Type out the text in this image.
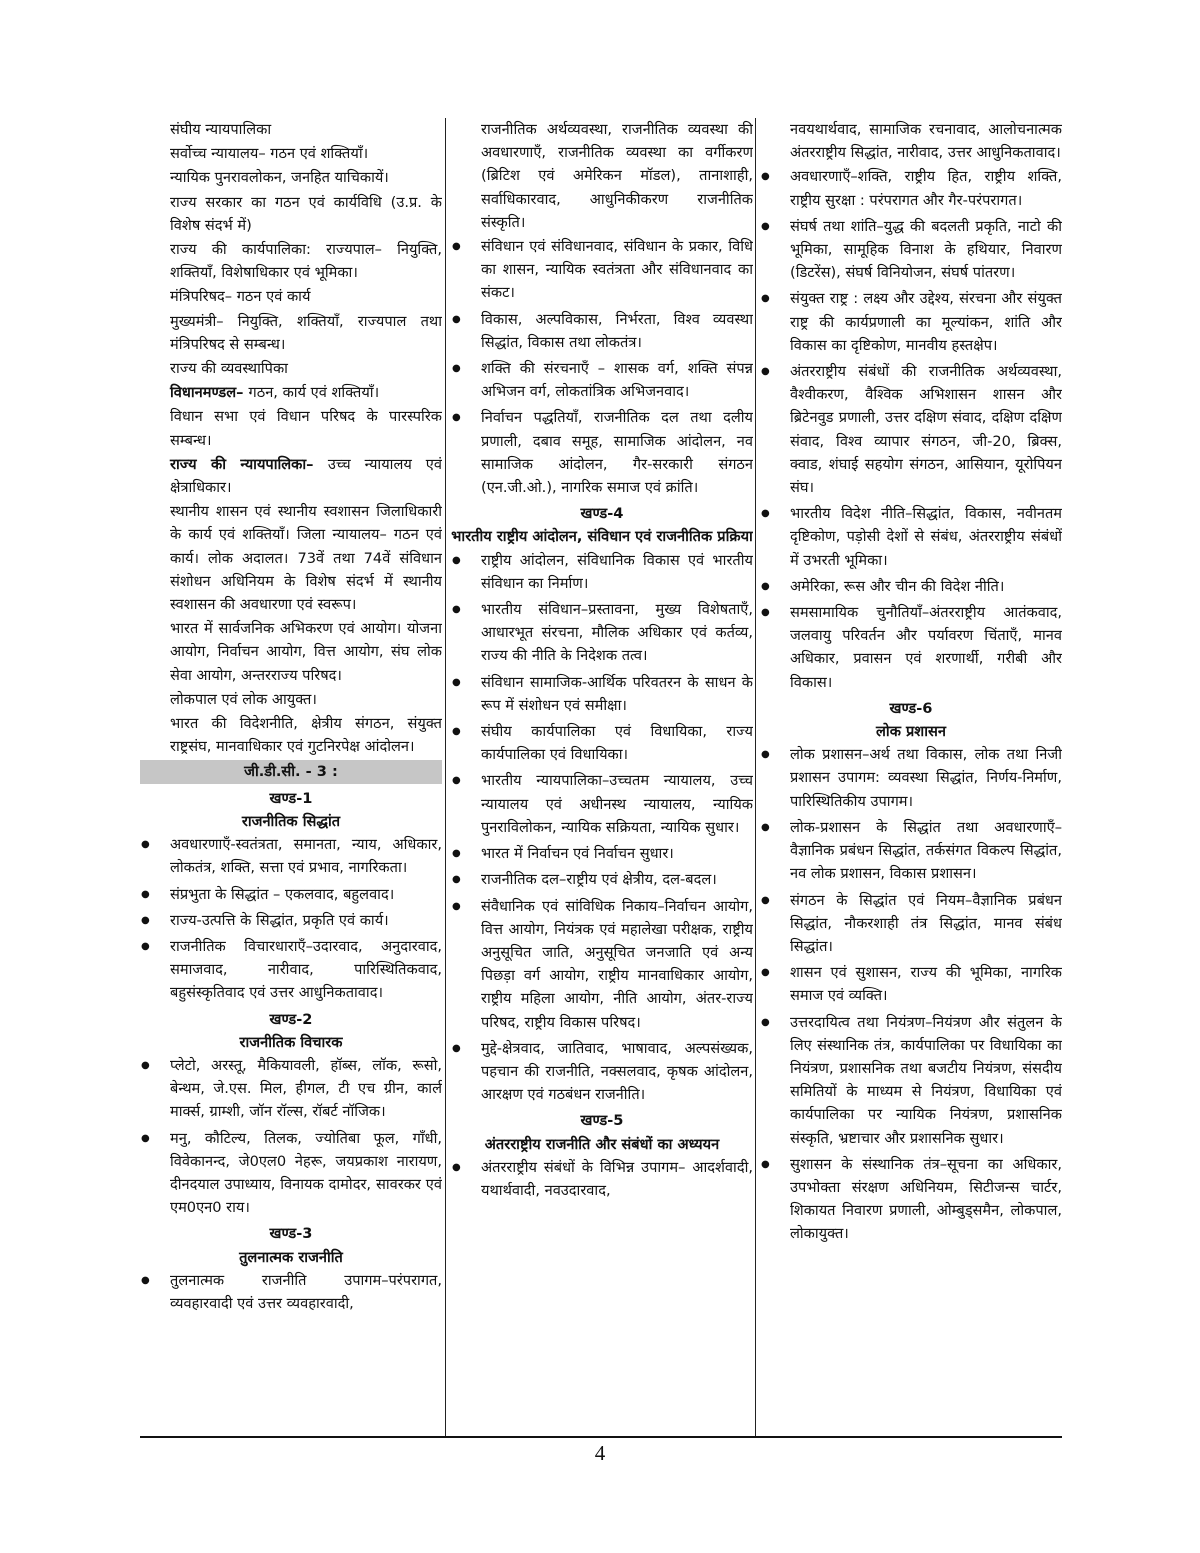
संघीय न्यायपालिका

सर्वोच्च न्यायालय– गठन एवं शक्तियाँ।

न्यायिक पुनरावलोकन, जनहित याचिकायें।

राज्य सरकार का गठन एवं कार्यविधि (उ.प्र. के विशेष संदर्भ में)

राज्य की कार्यपालिका: राज्यपाल– नियुक्ति, शक्तियाँ, विशेषाधिकार एवं भूमिका।

मंत्रिपरिषद– गठन एवं कार्य

मुख्यमंत्री– नियुक्ति, शक्तियाँ, राज्यपाल तथा मंत्रिपरिषद से सम्बन्ध।

राज्य की व्यवस्थापिका

विधानमण्डल– गठन, कार्य एवं शक्तियाँ।

विधान सभा एवं विधान परिषद के पारस्परिक सम्बन्ध।

राज्य की न्यायपालिका– उच्च न्यायालय एवं क्षेत्राधिकार।

स्थानीय शासन एवं स्थानीय स्वशासन जिलाधिकारी के कार्य एवं शक्तियाँ। जिला न्यायालय– गठन एवं कार्य। लोक अदालत। 73वें तथा 74वें संविधान संशोधन अधिनियम के विशेष संदर्भ में स्थानीय स्वशासन की अवधारणा एवं स्वरूप।

भारत में सार्वजनिक अभिकरण एवं आयोग। योजना आयोग, निर्वाचन आयोग, वित्त आयोग, संघ लोक सेवा आयोग, अन्तरराज्य परिषद।

लोकपाल एवं लोक आयुक्त।

भारत की विदेशनीति, क्षेत्रीय संगठन, संयुक्त राष्ट्रसंघ, मानवाधिकार एवं गुटनिरपेक्ष आंदोलन।

जी.डी.सी. - 3 :

खण्ड-1

राजनीतिक सिद्धांत

● अवधारणाएँ-स्वतंत्रता, समानता, न्याय, अधिकार, लोकतंत्र, शक्ति, सत्ता एवं प्रभाव, नागरिकता।

● संप्रभुता के सिद्धांत – एकलवाद, बहुलवाद।

● राज्य-उत्पत्ति के सिद्धांत, प्रकृति एवं कार्य।

● राजनीतिक विचारधाराएँ–उदारवाद, अनुदारवाद, समाजवाद, नारीवाद, पारिस्थितिकवाद, बहुसंस्कृतिवाद एवं उत्तर आधुनिकतावाद।

खण्ड-2

राजनीतिक विचारक

● प्लेटो, अरस्तू, मैकियावली, हॉब्स, लॉक, रूसो, बेन्थम, जे.एस. मिल, हीगल, टी एच ग्रीन, कार्ल मार्क्स, ग्राम्शी, जॉन रॉल्स, रॉबर्ट नॉजिक।

● मनु, कौटिल्य, तिलक, ज्योतिबा फूल, गाँधी, विवेकानन्द, जे0एल0 नेहरू, जयप्रकाश नारायण, दीनदयाल उपाध्याय, विनायक दामोदर, सावरकर एवं एम0एन0 राय।

खण्ड-3

तुलनात्मक राजनीति

● तुलनात्मक राजनीति उपागम–परंपरागत, व्यवहारवादी एवं उत्तर व्यवहारवादी,

राजनीतिक अर्थव्यवस्था, राजनीतिक व्यवस्था की अवधारणाएँ, राजनीतिक व्यवस्था का वर्गीकरण (ब्रिटिश एवं अमेरिकन मॉडल), तानाशाही, सर्वाधिकारवाद, आधुनिकीकरण राजनीतिक संस्कृति।

● संविधान एवं संविधानवाद, संविधान के प्रकार, विधि का शासन, न्यायिक स्वतंत्रता और संविधानवाद का संकट।

● विकास, अल्पविकास, निर्भरता, विश्व व्यवस्था सिद्धांत, विकास तथा लोकतंत्र।

● शक्ति की संरचनाएँ – शासक वर्ग, शक्ति संपन्न अभिजन वर्ग, लोकतांत्रिक अभिजनवाद।

● निर्वाचन पद्धतियाँ, राजनीतिक दल तथा दलीय प्रणाली, दबाव समूह, सामाजिक आंदोलन, नव सामाजिक आंदोलन, गैर-सरकारी संगठन (एन.जी.ओ.), नागरिक समाज एवं क्रांति।

खण्ड-4

भारतीय राष्ट्रीय आंदोलन, संविधान एवं राजनीतिक प्रक्रिया

● राष्ट्रीय आंदोलन, संविधानिक विकास एवं भारतीय संविधान का निर्माण।

● भारतीय संविधान–प्रस्तावना, मुख्य विशेषताएँ, आधारभूत संरचना, मौलिक अधिकार एवं कर्तव्य, राज्य की नीति के निदेशक तत्व।

● संविधान सामाजिक-आर्थिक परिवतरन के साधन के रूप में संशोधन एवं समीक्षा।

● संघीय कार्यपालिका एवं विधायिका, राज्य कार्यपालिका एवं विधायिका।

● भारतीय न्यायपालिका–उच्चतम न्यायालय, उच्च न्यायालय एवं अधीनस्थ न्यायालय, न्यायिक पुनराविलोकन, न्यायिक सक्रियता, न्यायिक सुधार।

● भारत में निर्वाचन एवं निर्वाचन सुधार।

● राजनीतिक दल–राष्ट्रीय एवं क्षेत्रीय, दल-बदल।

● संवैधानिक एवं सांविधिक निकाय–निर्वाचन आयोग, वित्त आयोग, नियंत्रक एवं महालेखा परीक्षक, राष्ट्रीय अनुसूचित जाति, अनुसूचित जनजाति एवं अन्य पिछड़ा वर्ग आयोग, राष्ट्रीय मानवाधिकार आयोग, राष्ट्रीय महिला आयोग, नीति आयोग, अंतर-राज्य परिषद, राष्ट्रीय विकास परिषद।

● मुद्दे-क्षेत्रवाद, जातिवाद, भाषावाद, अल्पसंख्यक, पहचान की राजनीति, नक्सलवाद, कृषक आंदोलन, आरक्षण एवं गठबंधन राजनीति।

खण्ड-5

अंतरराष्ट्रीय राजनीति और संबंधों का अध्ययन

● अंतरराष्ट्रीय संबंधों के विभिन्न उपागम– आदर्शवादी, यथार्थवादी, नवउदारवाद,

नवयथार्थवाद, सामाजिक रचनावाद, आलोचनात्मक अंतरराष्ट्रीय सिद्धांत, नारीवाद, उत्तर आधुनिकतावाद।

● अवधारणाएँ–शक्ति, राष्ट्रीय हित, राष्ट्रीय शक्ति, राष्ट्रीय सुरक्षा : परंपरागत और गैर-परंपरागत।

● संघर्ष तथा शांति–युद्ध की बदलती प्रकृति, नाटो की भूमिका, सामूहिक विनाश के हथियार, निवारण (डिटरेंस), संघर्ष विनियोजन, संघर्ष पांतरण।

● संयुक्त राष्ट्र : लक्ष्य और उद्देश्य, संरचना और संयुक्त राष्ट्र की कार्यप्रणाली का मूल्यांकन, शांति और विकास का दृष्टिकोण, मानवीय हस्तक्षेप।

● अंतरराष्ट्रीय संबंधों की राजनीतिक अर्थव्यवस्था, वैश्वीकरण, वैश्विक अभिशासन शासन और ब्रिटेनवुड प्रणाली, उत्तर दक्षिण संवाद, दक्षिण दक्षिण संवाद, विश्व व्यापार संगठन, जी-20, ब्रिक्स, क्वाड, शंघाई सहयोग संगठन, आसियान, यूरोपियन संघ।

● भारतीय विदेश नीति–सिद्धांत, विकास, नवीनतम दृष्टिकोण, पड़ोसी देशों से संबंध, अंतरराष्ट्रीय संबंधों में उभरती भूमिका।

● अमेरिका, रूस और चीन की विदेश नीति।

● समसामायिक चुनौतियाँ–अंतरराष्ट्रीय आतंकवाद, जलवायु परिवर्तन और पर्यावरण चिंताएँ, मानव अधिकार, प्रवासन एवं शरणार्थी, गरीबी और विकास।

खण्ड-6

लोक प्रशासन

● लोक प्रशासन–अर्थ तथा विकास, लोक तथा निजी प्रशासन उपागम: व्यवस्था सिद्धांत, निर्णय-निर्माण, पारिस्थितिकीय उपागम।

● लोक-प्रशासन के सिद्धांत तथा अवधारणाएँ– वैज्ञानिक प्रबंधन सिद्धांत, तर्कसंगत विकल्प सिद्धांत, नव लोक प्रशासन, विकास प्रशासन।

● संगठन के सिद्धांत एवं नियम–वैज्ञानिक प्रबंधन सिद्धांत, नौकरशाही तंत्र सिद्धांत, मानव संबंध सिद्धांत।

● शासन एवं सुशासन, राज्य की भूमिका, नागरिक समाज एवं व्यक्ति।

● उत्तरदायित्व तथा नियंत्रण–नियंत्रण और संतुलन के लिए संस्थानिक तंत्र, कार्यपालिका पर विधायिका का नियंत्रण, प्रशासनिक तथा बजटीय नियंत्रण, संसदीय समितियों के माध्यम से नियंत्रण, विधायिका एवं कार्यपालिका पर न्यायिक नियंत्रण, प्रशासनिक संस्कृति, भ्रष्टाचार और प्रशासनिक सुधार।

● सुशासन के संस्थानिक तंत्र–सूचना का अधिकार, उपभोक्ता संरक्षण अधिनियम, सिटीजन्स चार्टर, शिकायत निवारण प्रणाली, ओम्बुड्समैन, लोकपाल, लोकायुक्त।

4
